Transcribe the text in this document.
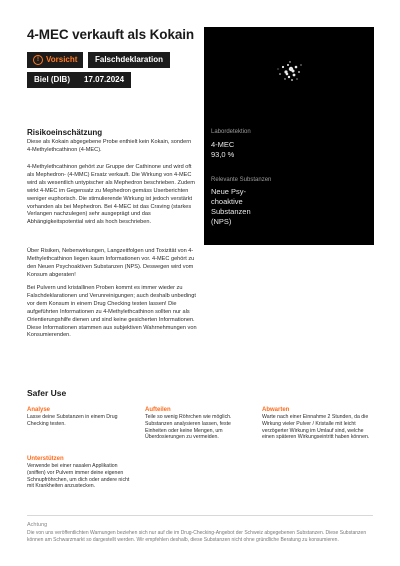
4-MEC verkauft als Kokain
! Vorsicht	Falschdeklaration
Biel (DIB)	17.07.2024
Labordetektion
4-MEC
93,0 %
Relevante Substanzen
Neue Psy-
choaktive
Substanzen
(NPS)
Risikoeinschätzung

Diese als Kokain abgegebene Probe enthielt kein Kokain, sondern 4-Methylethcathinon (4-MEC).

4-Methylethcathinon gehört zur Gruppe der Cathinone und wird oft als Mephedron- (4-MMC) Ersatz verkauft. Die Wirkung von 4-MEC wird als wesentlich untypischer als Mephedron beschrieben. Zudem wirkt 4-MEC im Gegensatz zu Mephedron gemäss Userberichten weniger euphorisch. Die stimulierende Wirkung ist jedoch verstärkt vorhanden als bei Mephedron. Bei 4-MEC ist das Craving (starkes Verlangen nachzulegen) sehr ausgeprägt und das Abhängigkeitspotential wird als hoch beschrieben.

Über Risiken, Nebenwirkungen, Langzeitfolgen und Toxizität von 4-Methylethcathinon liegen kaum Informationen vor. 4-MEC gehört zu den Neuen Psychoaktiven Substanzen (NPS). Deswegen wird vom Konsum abgeraten!

Bei Pulvern und kristallinen Proben kommt es immer wieder zu Falschdeklarationen und Verunreinigungen; auch deshalb unbedingt vor dem Konsum in einem Drug Checking testen lassen! Die aufgeführten Informationen zu 4-Methylethcathinon sollten nur als Orientierungshilfe dienen und sind keine gesicherten Informationen. Diese Informationen stammen aus subjektiven Wahrnehmungen von Konsumierenden.

Safer Use
Analyse
Lasse deine Substanzen in einem Drug Checking testen.
Aufteilen
Teile so wenig Röhrchen wie möglich. Substanzen analysieren lassen, feste Einheiten oder keine Mengen, um Überdosierungen zu vermeiden.
Abwarten
Warte nach einer Einnahme 2 Stunden, da die Wirkung vieler Pulver / Kristalle mit leicht verzögerter Wirkung im Umlauf sind, welche einen späteren Wirkungseintritt haben können.
Unterstützen
Verwende bei einer nasalen Applikation (sniffen) vor Pulvern immer deine eigenen Schnupfröhrchen, um dich oder andere nicht mit Krankheiten anzustecken.
Achtung
Die von uns veröffentlichten Warnungen beziehen sich nur auf die im Drug-Checking-Angebot der Schweiz abgegebenen Substanzen. Diese Substanzen können am Schwarzmarkt so dargestellt werden. Wir empfehlen deshalb, diese Substanzen nicht ohne gründliche Beratung zu konsumieren.
